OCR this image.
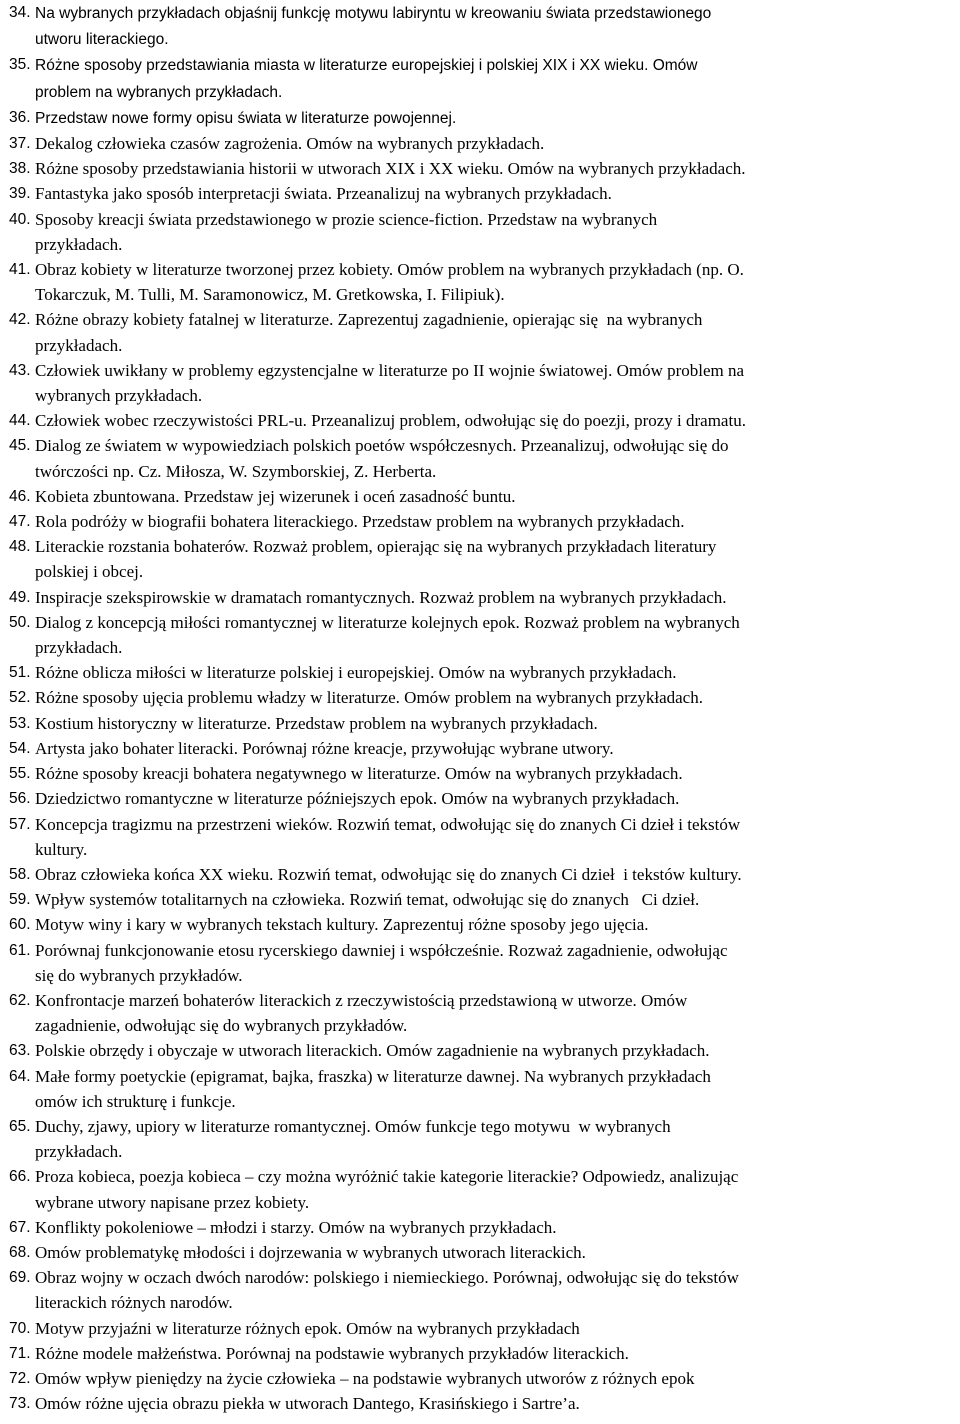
34. Na wybranych przykładach objaśnij funkcję motywu labiryntu w kreowaniu świata przedstawionego
utworu literackiego.
35. Różne sposoby przedstawiania miasta w literaturze europejskiej i polskiej XIX i XX wieku. Omów
problem na wybranych przykładach.
36. Przedstaw nowe formy opisu świata w literaturze powojennej.
37. Dekalog człowieka czasów zagrożenia. Omów na wybranych przykładach.
38. Różne sposoby przedstawiania historii w utworach XIX i XX wieku. Omów na wybranych przykładach.
39. Fantastyka jako sposób interpretacji świata. Przeanalizuj na wybranych przykładach.
40. Sposoby kreacji świata przedstawionego w prozie science-fiction. Przedstaw na wybranych
przykładach.
41. Obraz kobiety w literaturze tworzonej przez kobiety. Omów problem na wybranych przykładach (np. O.
Tokarczuk, M. Tulli, M. Saramonowicz, M. Gretkowska, I. Filipiuk).
42. Różne obrazy kobiety fatalnej w literaturze. Zaprezentuj zagadnienie, opierając się  na wybranych
przykładach.
43. Człowiek uwikłany w problemy egzystencjalne w literaturze po II wojnie światowej. Omów problem na
wybranych przykładach.
44. Człowiek wobec rzeczywistości PRL-u. Przeanalizuj problem, odwołując się do poezji, prozy i dramatu.
45. Dialog ze światem w wypowiedziach polskich poetów współczesnych. Przeanalizuj, odwołując się do
twórczości np. Cz. Miłosza, W. Szymborskiej, Z. Herberta.
46. Kobieta zbuntowana. Przedstaw jej wizerunek i oceń zasadność buntu.
47. Rola podróży w biografii bohatera literackiego. Przedstaw problem na wybranych przykładach.
48. Literackie rozstania bohaterów. Rozważ problem, opierając się na wybranych przykładach literatury
polskiej i obcej.
49. Inspiracje szekspirowskie w dramatach romantycznych. Rozważ problem na wybranych przykładach.
50. Dialog z koncepcją miłości romantycznej w literaturze kolejnych epok. Rozważ problem na wybranych
przykładach.
51. Różne oblicza miłości w literaturze polskiej i europejskiej. Omów na wybranych przykładach.
52. Różne sposoby ujęcia problemu władzy w literaturze. Omów problem na wybranych przykładach.
53. Kostium historyczny w literaturze. Przedstaw problem na wybranych przykładach.
54. Artysta jako bohater literacki. Porównaj różne kreacje, przywołując wybrane utwory.
55. Różne sposoby kreacji bohatera negatywnego w literaturze. Omów na wybranych przykładach.
56. Dziedzictwo romantyczne w literaturze późniejszych epok. Omów na wybranych przykładach.
57. Koncepcja tragizmu na przestrzeni wieków. Rozwiń temat, odwołując się do znanych Ci dzieł i tekstów
kultury.
58. Obraz człowieka końca XX wieku. Rozwiń temat, odwołując się do znanych Ci dzieł  i tekstów kultury.
59. Wpływ systemów totalitarnych na człowieka. Rozwiń temat, odwołując się do znanych   Ci dzieł.
60. Motyw winy i kary w wybranych tekstach kultury. Zaprezentuj różne sposoby jego ujęcia.
61. Porównaj funkcjonowanie etosu rycerskiego dawniej i współcześnie. Rozważ zagadnienie, odwołując
się do wybranych przykładów.
62. Konfrontacje marzeń bohaterów literackich z rzeczywistością przedstawioną w utworze. Omów
zagadnienie, odwołując się do wybranych przykładów.
63. Polskie obrzędy i obyczaje w utworach literackich. Omów zagadnienie na wybranych przykładach.
64. Małe formy poetyckie (epigramat, bajka, fraszka) w literaturze dawnej. Na wybranych przykładach
omów ich strukturę i funkcje.
65. Duchy, zjawy, upiory w literaturze romantycznej. Omów funkcje tego motywu  w wybranych
przykładach.
66. Proza kobieca, poezja kobieca – czy można wyróżnić takie kategorie literackie? Odpowiedz, analizując
wybrane utwory napisane przez kobiety.
67. Konflikty pokoleniowe – młodzi i starzy. Omów na wybranych przykładach.
68. Omów problematykę młodości i dojrzewania w wybranych utworach literackich.
69. Obraz wojny w oczach dwóch narodów: polskiego i niemieckiego. Porównaj, odwołując się do tekstów
literackich różnych narodów.
70. Motyw przyjaźni w literaturze różnych epok. Omów na wybranych przykładach
71. Różne modele małżeństwa. Porównaj na podstawie wybranych przykładów literackich.
72. Omów wpływ pieniędzy na życie człowieka – na podstawie wybranych utworów z różnych epok
73. Omów różne ujęcia obrazu piekła w utworach Dantego, Krasińskiego i Sartre’a.
